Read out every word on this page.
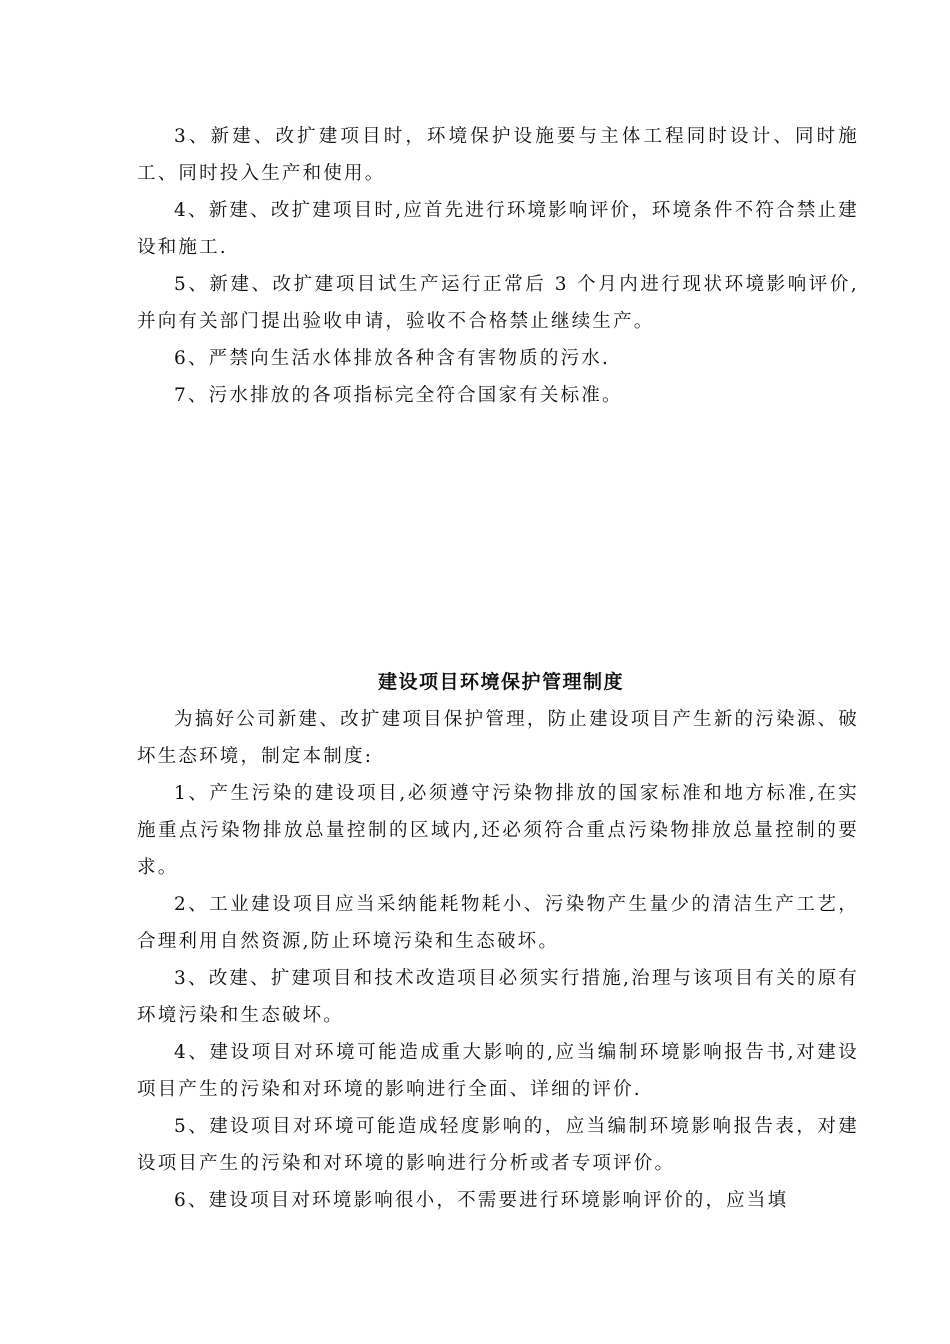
3、新建、改扩建项目时，环境保护设施要与主体工程同时设计、同时施工、同时投入生产和使用。

4、新建、改扩建项目时,应首先进行环境影响评价，环境条件不符合禁止建设和施工.

5、新建、改扩建项目试生产运行正常后 3 个月内进行现状环境影响评价,并向有关部门提出验收申请，验收不合格禁止继续生产。

6、严禁向生活水体排放各种含有害物质的污水.

7、污水排放的各项指标完全符合国家有关标准。

建设项目环境保护管理制度

为搞好公司新建、改扩建项目保护管理，防止建设项目产生新的污染源、破坏生态环境，制定本制度:

1、产生污染的建设项目,必须遵守污染物排放的国家标准和地方标准,在实施重点污染物排放总量控制的区域内,还必须符合重点污染物排放总量控制的要求。

2、工业建设项目应当采纳能耗物耗小、污染物产生量少的清洁生产工艺，合理利用自然资源,防止环境污染和生态破坏。

3、改建、扩建项目和技术改造项目必须实行措施,治理与该项目有关的原有环境污染和生态破坏。

4、建设项目对环境可能造成重大影响的,应当编制环境影响报告书,对建设项目产生的污染和对环境的影响进行全面、详细的评价.

5、建设项目对环境可能造成轻度影响的，应当编制环境影响报告表，对建设项目产生的污染和对环境的影响进行分析或者专项评价。

6、建设项目对环境影响很小，不需要进行环境影响评价的，应当填
